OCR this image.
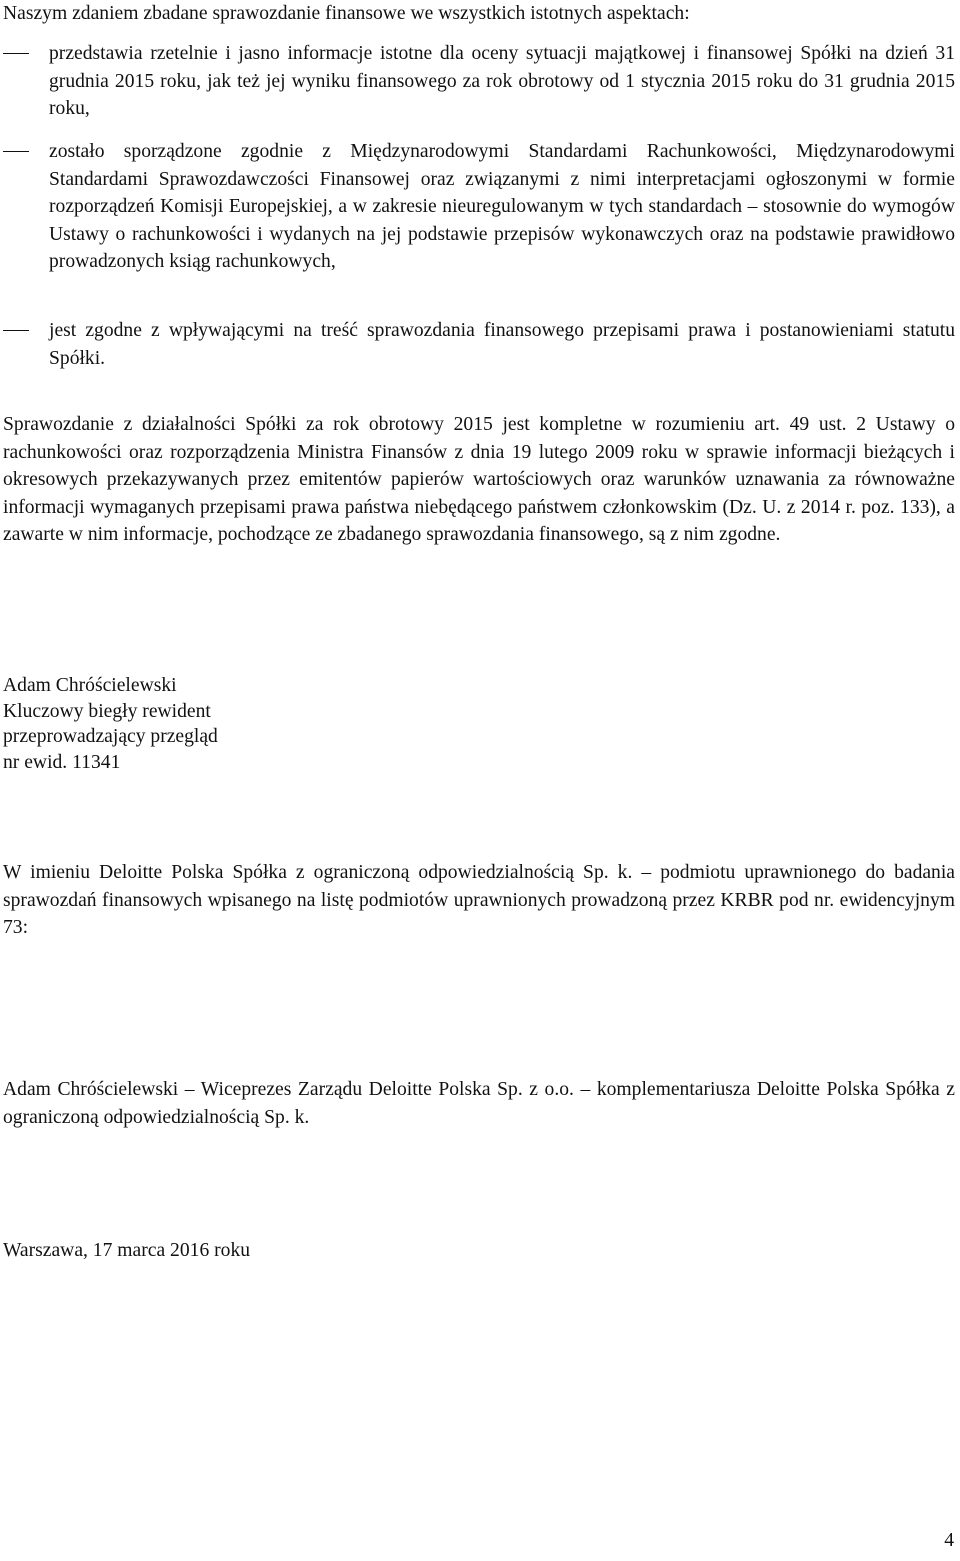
Naszym zdaniem zbadane sprawozdanie finansowe we wszystkich istotnych aspektach:
przedstawia rzetelnie i jasno informacje istotne dla oceny sytuacji majątkowej i finansowej Spółki na dzień 31 grudnia 2015 roku, jak też jej wyniku finansowego za rok obrotowy od 1 stycznia 2015 roku do 31 grudnia 2015 roku,
zostało sporządzone zgodnie z Międzynarodowymi Standardami Rachunkowości, Międzynarodowymi Standardami Sprawozdawczości Finansowej oraz związanymi z nimi interpretacjami ogłoszonymi w formie rozporządzeń Komisji Europejskiej, a w zakresie nieuregulowanym w tych standardach – stosownie do wymogów Ustawy o rachunkowości i wydanych na jej podstawie przepisów wykonawczych oraz na podstawie prawidłowo prowadzonych ksiąg rachunkowych,
jest zgodne z wpływającymi na treść sprawozdania finansowego przepisami prawa i postanowieniami statutu Spółki.
Sprawozdanie z działalności Spółki za rok obrotowy 2015 jest kompletne w rozumieniu art. 49 ust. 2 Ustawy o rachunkowości oraz rozporządzenia Ministra Finansów z dnia 19 lutego 2009 roku w sprawie informacji bieżących i okresowych przekazywanych przez emitentów papierów wartościowych oraz warunków uznawania za równoważne informacji wymaganych przepisami prawa państwa niebędącego państwem członkowskim (Dz. U. z 2014 r. poz. 133), a zawarte w nim informacje, pochodzące ze zbadanego sprawozdania finansowego, są z nim zgodne.
Adam Chróścielewski
Kluczowy biegły rewident
przeprowadzający przegląd
nr ewid. 11341
W imieniu Deloitte Polska Spółka z ograniczoną odpowiedzialnością Sp. k. – podmiotu uprawnionego do badania sprawozdań finansowych wpisanego na listę podmiotów uprawnionych prowadzoną przez KRBR pod nr. ewidencyjnym 73:
Adam Chróścielewski – Wiceprezes Zarządu Deloitte Polska Sp. z o.o. – komplementariusza Deloitte Polska Spółka z ograniczoną odpowiedzialnością Sp. k.
Warszawa, 17 marca 2016 roku
4
